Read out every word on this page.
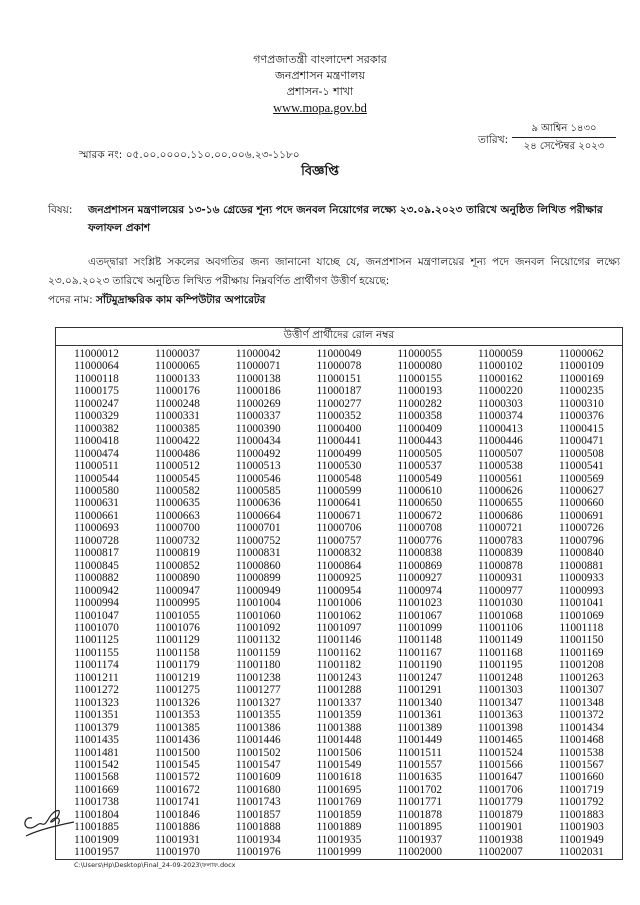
গণপ্রজাতন্ত্রী বাংলাদেশ সরকার
জনপ্রশাসন মন্ত্রণালয়
প্রশাসন-১ শাখা
www.mopa.gov.bd
স্মারক নং: ০৫.০০.০০০০.১১০.০০.০০৬.২৩-১১৮০
তারিখ:
৯ আশ্বিন ১৪৩০
২৪ সেপ্টেম্বর ২০২৩
বিজ্ঞপ্তি
বিষয়: জনপ্রশাসন মন্ত্রণালয়ের ১৩-১৬ গ্রেডের শূন্য পদে জনবল নিয়োগের লক্ষ্যে ২৩.০৯.২০২৩ তারিখে অনুষ্ঠিত লিখিত পরীক্ষার ফলাফল প্রকাশ
এতদ্দ্বারা সংশ্লিষ্ট সকলের অবগতির জন্য জানানো যাচ্ছে যে, জনপ্রশাসন মন্ত্রণালয়ের শূন্য পদে জনবল নিয়োগের লক্ষ্যে ২৩.০৯.২০২৩ তারিখে অনুষ্ঠিত লিখিত পরীক্ষায় নিম্নবর্ণিত প্রার্থীগণ উত্তীর্ণ হয়েছে:
পদের নাম: সাঁটমুদ্রাক্ষরিক কাম কম্পিউটার অপারেটর
উত্তীর্ণ প্রার্থীদের রোল নম্বর						
11000012	11000037	11000042	11000049	11000055	11000059	11000062
11000064	11000065	11000071	11000078	11000080	11000102	11000109
11000118	11000133	11000138	11000151	11000155	11000162	11000169
11000175	11000176	11000186	11000187	11000193	11000220	11000235
11000247	11000248	11000269	11000277	11000282	11000303	11000310
11000329	11000331	11000337	11000352	11000358	11000374	11000376
11000382	11000385	11000390	11000400	11000409	11000413	11000415
11000418	11000422	11000434	11000441	11000443	11000446	11000471
11000474	11000486	11000492	11000499	11000505	11000507	11000508
11000511	11000512	11000513	11000530	11000537	11000538	11000541
11000544	11000545	11000546	11000548	11000549	11000561	11000569
11000580	11000582	11000585	11000599	11000610	11000626	11000627
11000631	11000635	11000636	11000641	11000650	11000655	11000660
11000661	11000663	11000664	11000671	11000672	11000686	11000691
11000693	11000700	11000701	11000706	11000708	11000721	11000726
11000728	11000732	11000752	11000757	11000776	11000783	11000796
11000817	11000819	11000831	11000832	11000838	11000839	11000840
11000845	11000852	11000860	11000864	11000869	11000878	11000881
11000882	11000890	11000899	11000925	11000927	11000931	11000933
11000942	11000947	11000949	11000954	11000974	11000977	11000993
11000994	11000995	11001004	11001006	11001023	11001030	11001041
11001047	11001055	11001060	11001062	11001067	11001068	11001069
11001070	11001076	11001092	11001097	11001099	11001106	11001118
11001125	11001129	11001132	11001146	11001148	11001149	11001150
11001155	11001158	11001159	11001162	11001167	11001168	11001169
11001174	11001179	11001180	11001182	11001190	11001195	11001208
11001211	11001219	11001238	11001243	11001247	11001248	11001263
11001272	11001275	11001277	11001288	11001291	11001303	11001307
11001323	11001326	11001327	11001337	11001340	11001347	11001348
11001351	11001353	11001355	11001359	11001361	11001363	11001372
11001379	11001385	11001386	11001388	11001389	11001398	11001434
11001435	11001436	11001446	11001448	11001449	11001465	11001468
11001481	11001500	11001502	11001506	11001511	11001524	11001538
11001542	11001545	11001547	11001549	11001557	11001566	11001567
11001568	11001572	11001609	11001618	11001635	11001647	11001660
11001669	11001672	11001680	11001695	11001702	11001706	11001719
11001738	11001741	11001743	11001769	11001771	11001779	11001792
11001804	11001846	11001857	11001859	11001878	11001879	11001883
11001885	11001886	11001888	11001889	11001895	11001901	11001903
11001909	11001931	11001934	11001935	11001937	11001938	11001949
11001957	11001970	11001976	11001999	11002000	11002007	11002031
C:\Users\Hp\Desktop\Final_24-09-2023\ফলাফ.docx
